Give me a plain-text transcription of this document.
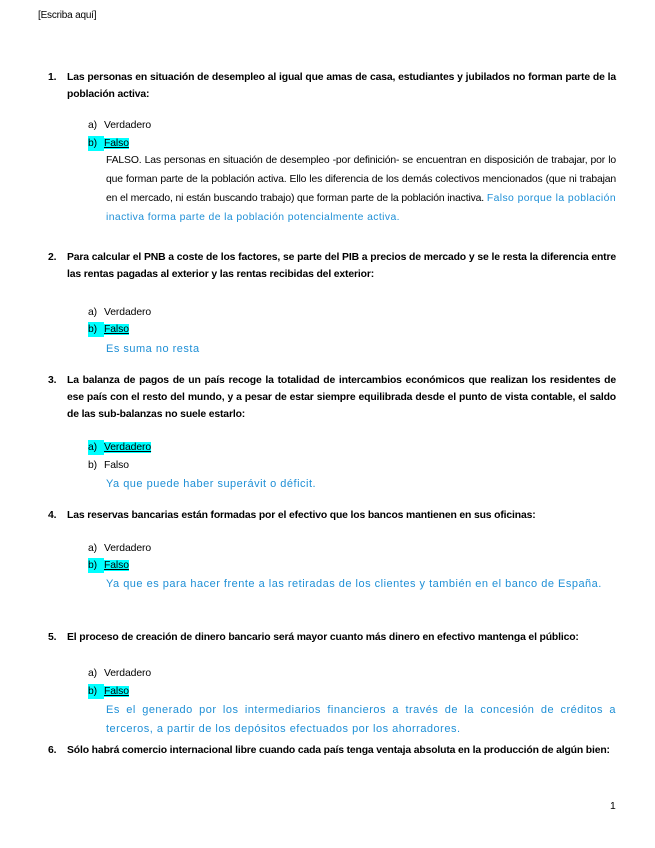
[Escriba aquí]
1. Las personas en situación de desempleo al igual que amas de casa, estudiantes y jubilados no forman parte de la población activa:
a) Verdadero
b) Falso
FALSO. Las personas en situación de desempleo -por definición- se encuentran en disposición de trabajar, por lo que forman parte de la población activa. Ello les diferencia de los demás colectivos mencionados (que ni trabajan en el mercado, ni están buscando trabajo) que forman parte de la población inactiva. Falso porque la población inactiva forma parte de la población potencialmente activa.
2. Para calcular el PNB a coste de los factores, se parte del PIB a precios de mercado y se le resta la diferencia entre las rentas pagadas al exterior y las rentas recibidas del exterior:
a) Verdadero
b) Falso
Es suma no resta
3. La balanza de pagos de un país recoge la totalidad de intercambios económicos que realizan los residentes de ese país con el resto del mundo, y a pesar de estar siempre equilibrada desde el punto de vista contable, el saldo de las sub-balanzas no suele estarlo:
a) Verdadero
b) Falso
Ya que puede haber superávit o déficit.
4. Las reservas bancarias están formadas por el efectivo que los bancos mantienen en sus oficinas:
a) Verdadero
b) Falso
Ya que es para hacer frente a las retiradas de los clientes y también en el banco de España.
5. El proceso de creación de dinero bancario será mayor cuanto más dinero en efectivo mantenga el público:
a) Verdadero
b) Falso
Es el generado por los intermediarios financieros a través de la concesión de créditos a terceros, a partir de los depósitos efectuados por los ahorradores.
6. Sólo habrá comercio internacional libre cuando cada país tenga ventaja absoluta en la producción de algún bien:
1
